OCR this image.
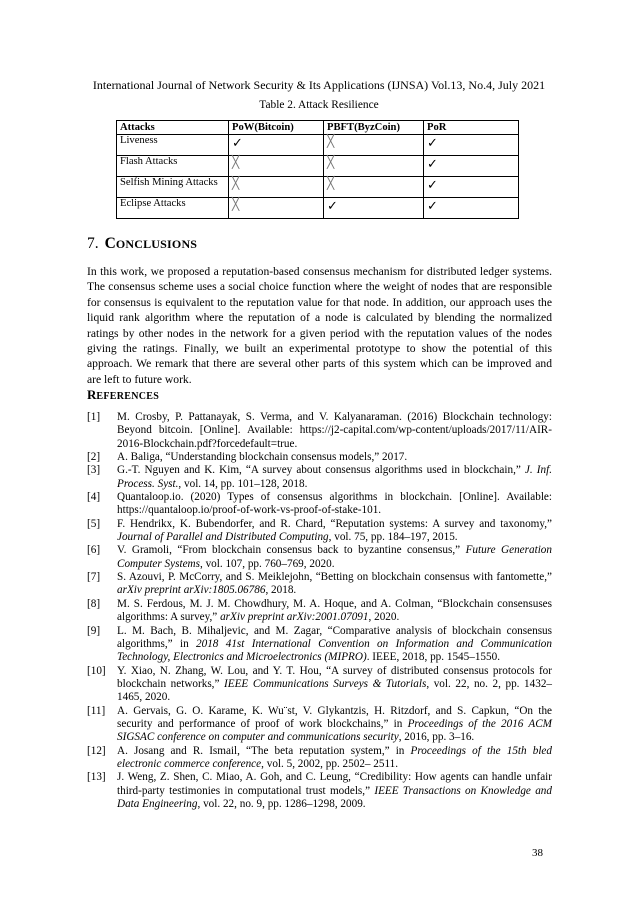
International Journal of Network Security & Its Applications (IJNSA) Vol.13, No.4, July 2021
Table 2. Attack Resilience
Attacks	PoW(Bitcoin)	PBFT(ByzCoin)	PoR
Liveness	✓	╳	✓
Flash Attacks	╳	╳	✓
Selfish Mining Attacks	╳	╳	✓
Eclipse Attacks	╳	✓	✓
7. CONCLUSIONS

In this work, we proposed a reputation-based consensus mechanism for distributed ledger systems. The consensus scheme uses a social choice function where the weight of nodes that are responsible for consensus is equivalent to the reputation value for that node. In addition, our approach uses the liquid rank algorithm where the reputation of a node is calculated by blending the normalized ratings by other nodes in the network for a given period with the reputation values of the nodes giving the ratings. Finally, we built an experimental prototype to show the potential of this approach. We remark that there are several other parts of this system which can be improved and are left to future work.

REFERENCES
[1] M. Crosby, P. Pattanayak, S. Verma, and V. Kalyanaraman. (2016) Blockchain technology: Beyond bitcoin. [Online]. Available: https://j2-capital.com/wp-content/uploads/2017/11/AIR- 2016-Blockchain.pdf?forcedefault=true.
[2] A. Baliga, “Understanding blockchain consensus models,” 2017.
[3] G.-T. Nguyen and K. Kim, “A survey about consensus algorithms used in blockchain,” J. Inf. Process. Syst., vol. 14, pp. 101–128, 2018.
[4] Quantaloop.io. (2020) Types of consensus algorithms in blockchain. [Online]. Available: https://quantaloop.io/proof-of-work-vs-proof-of-stake-101.
[5] F. Hendrikx, K. Bubendorfer, and R. Chard, “Reputation systems: A survey and taxonomy,” Journal of Parallel and Distributed Computing, vol. 75, pp. 184–197, 2015.
[6] V. Gramoli, “From blockchain consensus back to byzantine consensus,” Future Generation Computer Systems, vol. 107, pp. 760–769, 2020.
[7] S. Azouvi, P. McCorry, and S. Meiklejohn, “Betting on blockchain consensus with fantomette,” arXiv preprint arXiv:1805.06786, 2018.
[8] M. S. Ferdous, M. J. M. Chowdhury, M. A. Hoque, and A. Colman, “Blockchain consensuses algorithms: A survey,” arXiv preprint arXiv:2001.07091, 2020.
[9] L. M. Bach, B. Mihaljevic, and M. Zagar, “Comparative analysis of blockchain consensus algorithms,” in 2018 41st International Convention on Information and Communication Technology, Electronics and Microelectronics (MIPRO). IEEE, 2018, pp. 1545–1550.
[10] Y. Xiao, N. Zhang, W. Lou, and Y. T. Hou, “A survey of distributed consensus protocols for blockchain networks,” IEEE Communications Surveys & Tutorials, vol. 22, no. 2, pp. 1432–1465, 2020.
[11] A. Gervais, G. O. Karame, K. Wu¨st, V. Glykantzis, H. Ritzdorf, and S. Capkun, “On the security and performance of proof of work blockchains,” in Proceedings of the 2016 ACM SIGSAC conference on computer and communications security, 2016, pp. 3–16.
[12] A. Josang and R. Ismail, “The beta reputation system,” in Proceedings of the 15th bled electronic commerce conference, vol. 5, 2002, pp. 2502– 2511.
[13] J. Weng, Z. Shen, C. Miao, A. Goh, and C. Leung, “Credibility: How agents can handle unfair third-party testimonies in computational trust models,” IEEE Transactions on Knowledge and Data Engineering, vol. 22, no. 9, pp. 1286–1298, 2009.
38
